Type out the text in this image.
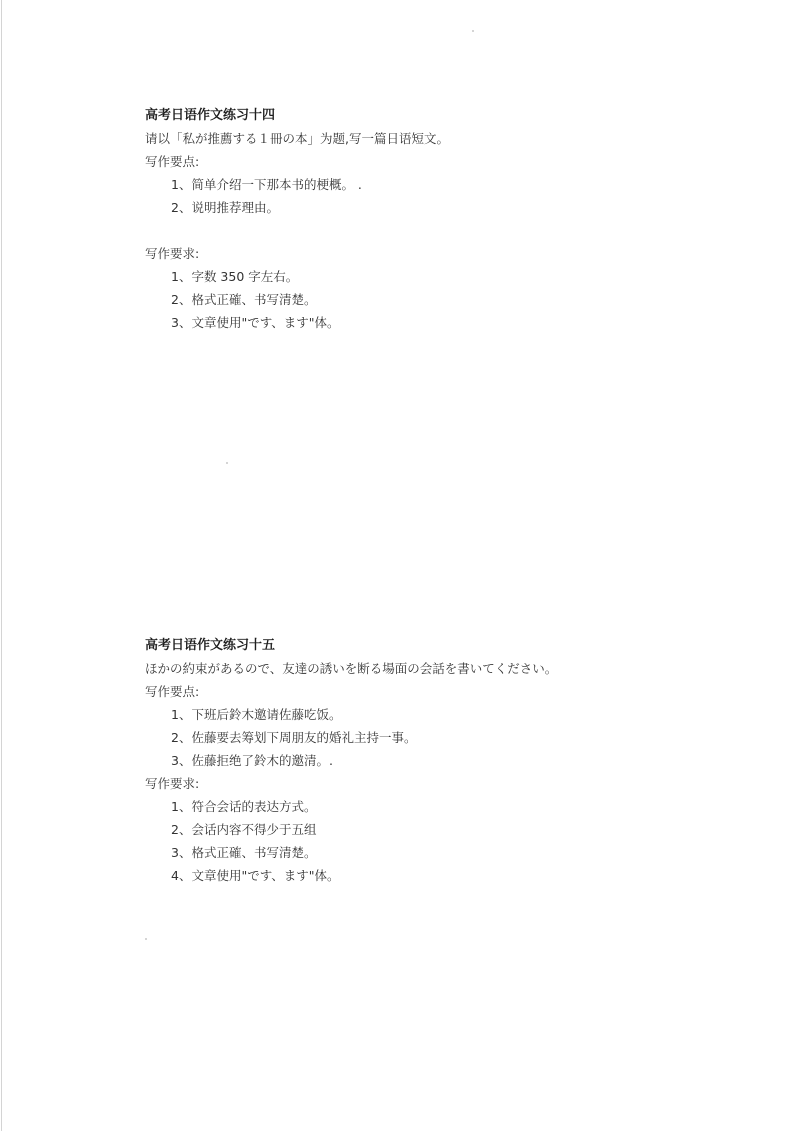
高考日语作文练习十四
请以「私が推薦する１冊の本」为题,写一篇日语短文。
写作要点:
1、简单介绍一下那本书的梗概。 .
2、说明推荐理由。
写作要求:
1、字数 350 字左右。
2、格式正確、书写清楚。
3、文章使用"です、ます"体。
高考日语作文练习十五
ほかの約束があるので、友達の誘いを断る場面の会話を書いてください。
写作要点:
1、下班后鈴木邀请佐藤吃饭。
2、佐藤要去筹划下周朋友的婚礼主持一事。
3、佐藤拒绝了鈴木的邀清。.
写作要求:
1、符合会话的表达方式。
2、会话内容不得少于五组
3、格式正確、书写清楚。
4、文章使用"です、ます"体。
